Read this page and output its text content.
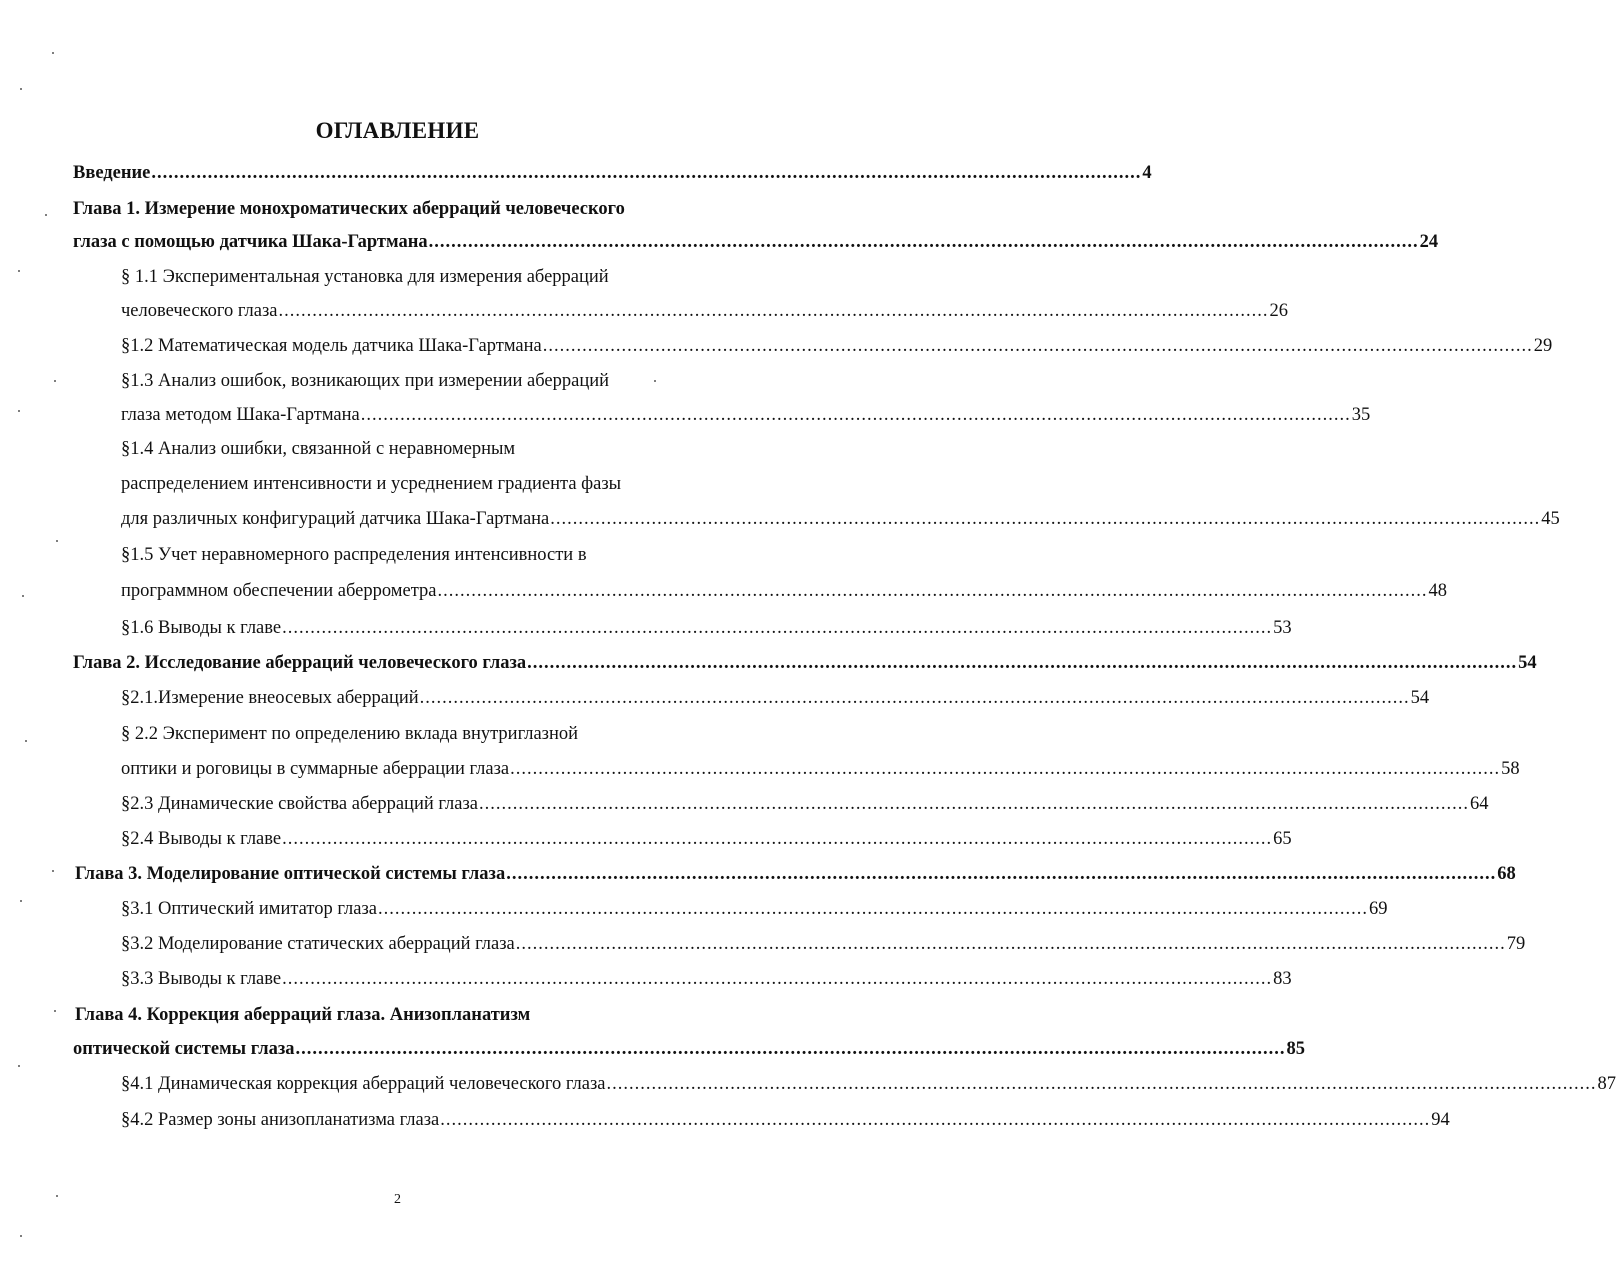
ОГЛАВЛЕНИЕ
Введение ................................................................................................................................................................................ 4
Глава 1. Измерение монохроматических аберраций человеческого
глаза с помощью датчика Шака-Гартмана ................................................................................................................................................................................ 24
§ 1.1 Экспериментальная установка для измерения аберраций
человеческого глаза ................................................................................................................................................................................ 26
§1.2 Математическая модель датчика Шака-Гартмана ................................................................................................................................................................................ 29
§1.3 Анализ ошибок, возникающих при измерении аберраций
глаза методом Шака-Гартмана ................................................................................................................................................................................ 35
§1.4 Анализ ошибки, связанной с неравномерным
распределением интенсивности и усреднением градиента фазы
для различных конфигураций датчика Шака-Гартмана ................................................................................................................................................................................ 45
§1.5 Учет неравномерного распределения интенсивности в
программном обеспечении аберрометра ................................................................................................................................................................................ 48
§1.6 Выводы к главе ................................................................................................................................................................................ 53
Глава 2. Исследование аберраций человеческого глаза ................................................................................................................................................................................ 54
§2.1.Измерение внеосевых аберраций ................................................................................................................................................................................ 54
§ 2.2 Эксперимент по определению вклада внутриглазной
оптики и роговицы в суммарные аберрации глаза ................................................................................................................................................................................ 58
§2.3 Динамические свойства аберраций глаза ................................................................................................................................................................................ 64
§2.4 Выводы к главе ................................................................................................................................................................................ 65
Глава 3. Моделирование оптической системы глаза ................................................................................................................................................................................ 68
§3.1 Оптический имитатор глаза ................................................................................................................................................................................ 69
§3.2 Моделирование статических аберраций глаза ................................................................................................................................................................................ 79
§3.3 Выводы к главе ................................................................................................................................................................................ 83
Глава 4. Коррекция аберраций глаза. Анизопланатизм
оптической системы глаза ................................................................................................................................................................................ 85
§4.1 Динамическая коррекция аберраций человеческого глаза ................................................................................................................................................................................ 87
§4.2 Размер зоны анизопланатизма глаза ................................................................................................................................................................................ 94
2
